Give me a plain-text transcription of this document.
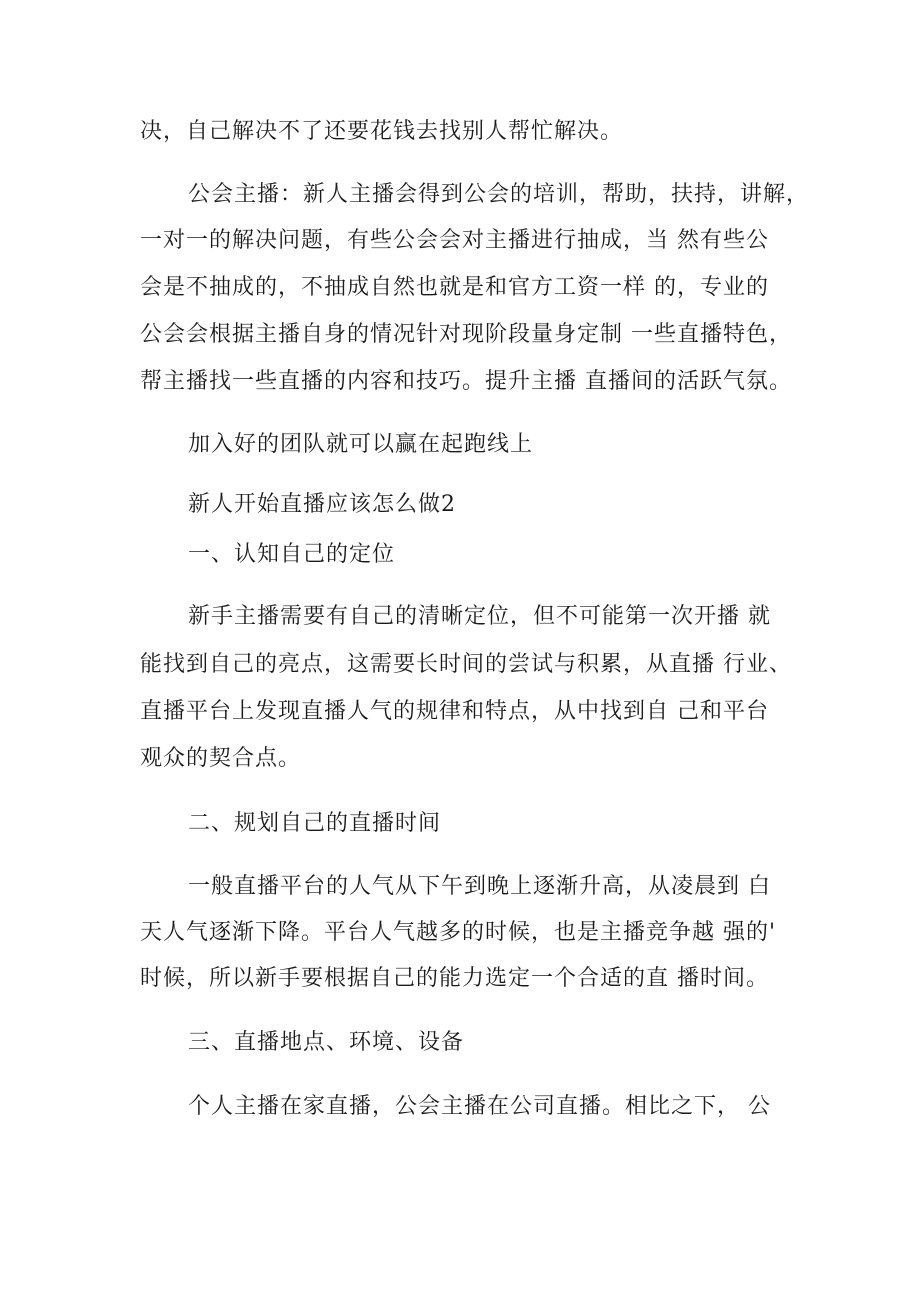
决，自己解决不了还要花钱去找别人帮忙解决。
公会主播：新人主播会得到公会的培训，帮助，扶持，讲解，
一对一的解决问题，有些公会会对主播进行抽成，当 然有些公
会是不抽成的，不抽成自然也就是和官方工资一样 的，专业的
公会会根据主播自身的情况针对现阶段量身定制 一些直播特色，
帮主播找一些直播的内容和技巧。提升主播 直播间的活跃气氛。
加入好的团队就可以赢在起跑线上
新人开始直播应该怎么做2
一、认知自己的定位
新手主播需要有自己的清晰定位，但不可能第一次开播 就
能找到自己的亮点，这需要长时间的尝试与积累，从直播 行业、
直播平台上发现直播人气的规律和特点，从中找到自 己和平台
观众的契合点。
二、规划自己的直播时间
一般直播平台的人气从下午到晚上逐渐升高，从凌晨到 白
天人气逐渐下降。平台人气越多的时候，也是主播竞争越 强的'
时候，所以新手要根据自己的能力选定一个合适的直 播时间。
三、直播地点、环境、设备
个人主播在家直播，公会主播在公司直播。相比之下， 公
